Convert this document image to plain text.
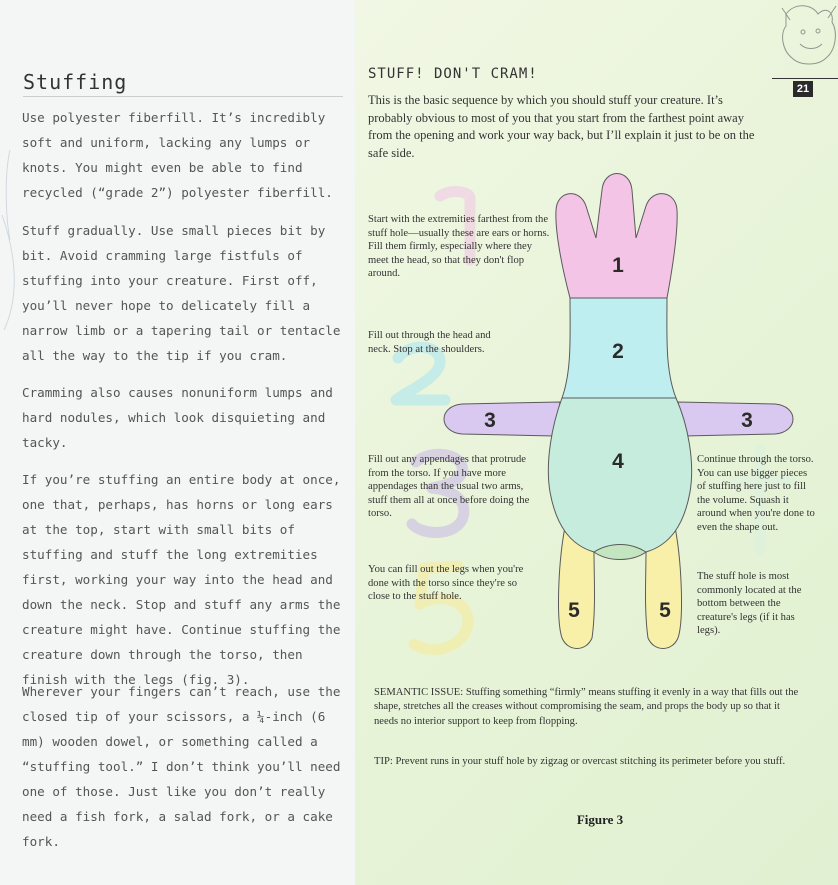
Stuffing

Use polyester fiberfill. It’s incredibly soft and uniform, lacking any lumps or knots. You might even be able to find recycled (“grade 2”) polyester fiberfill.

Stuff gradually. Use small pieces bit by bit. Avoid cramming large fistfuls of stuffing into your creature. First off, you’ll never hope to delicately fill a narrow limb or a tapering tail or tentacle all the way to the tip if you cram.

Cramming also causes nonuniform lumps and hard nodules, which look disquieting and tacky.

If you’re stuffing an entire body at once, one that, perhaps, has horns or long ears at the top, start with small bits of stuffing and stuff the long extremities first, working your way into the head and down the neck. Stop and stuff any arms the creature might have. Continue stuffing the creature down through the torso, then finish with the legs (fig. 3).

Wherever your fingers can’t reach, use the closed tip of your scissors, a ¼-inch (6 mm) wooden dowel, or something called a “stuffing tool.” I don’t think you’ll need one of those. Just like you don’t really need a fish fork, a salad fork, or a cake fork.

STUFF! DON'T CRAM!
21

This is the basic sequence by which you should stuff your creature. It’s probably obvious to most of you that you start from the farthest point away from the opening and work your way back, but I’ll explain it just to be on the safe side.

1
2
3	3
4
5	5

Start with the extremities farthest from the stuff hole—usually these are ears or horns. Fill them firmly, especially where they meet the head, so that they don't flop around.

Fill out through the head and neck. Stop at the shoulders.

Fill out any appendages that protrude from the torso. If you have more appendages than the usual two arms, stuff them all at once before doing the torso.

You can fill out the legs when you're done with the torso since they're so close to the stuff hole.

Continue through the torso. You can use bigger pieces of stuffing here just to fill the volume. Squash it around when you're done to even the shape out.

The stuff hole is most commonly located at the bottom between the creature's legs (if it has legs).

SEMANTIC ISSUE: Stuffing something “firmly” means stuffing it evenly in a way that fills out the shape, stretches all the creases without compromising the seam, and props the body up so that it needs no interior support to keep from flopping.

TIP: Prevent runs in your stuff hole by zigzag or overcast stitching its perimeter before you stuff.

Figure 3
